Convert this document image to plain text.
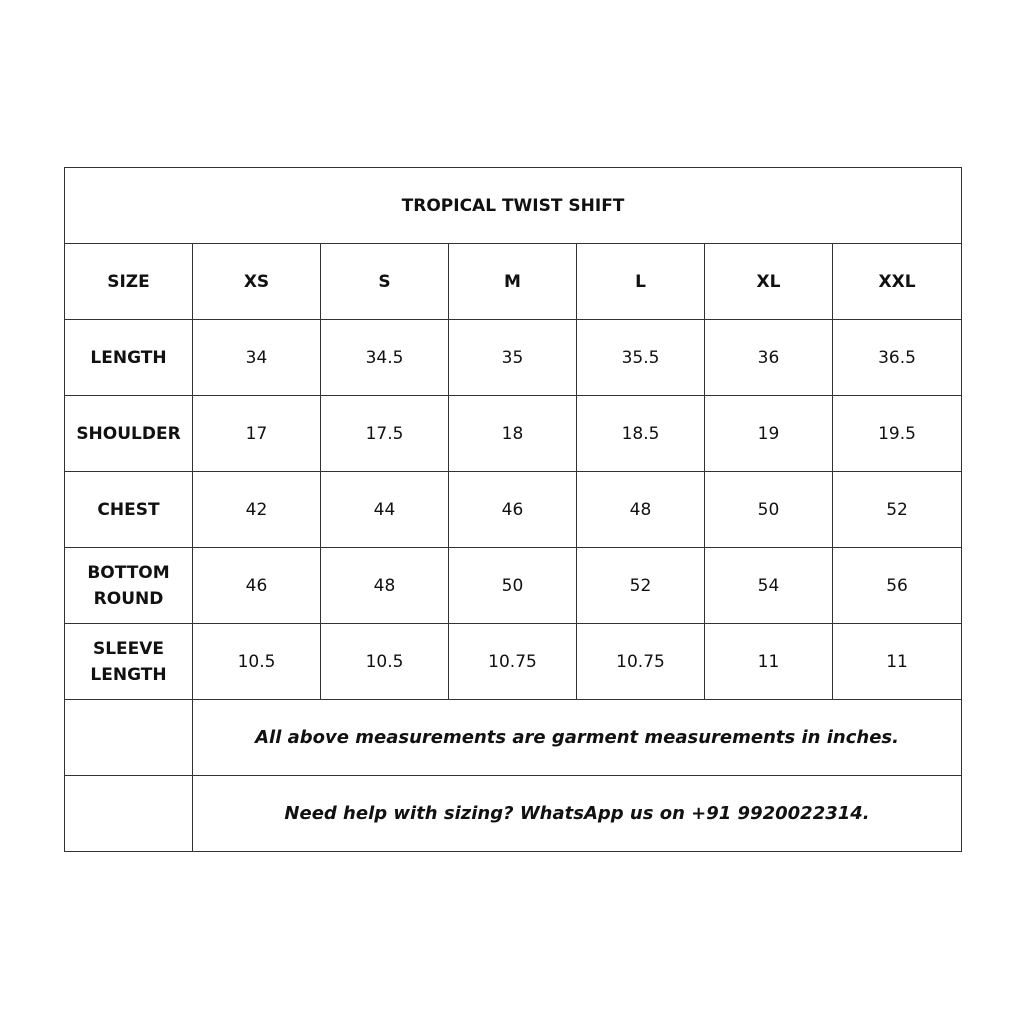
TROPICAL TWIST SHIFT						
SIZE	XS	S	M	L	XL	XXL

LENGTH	34	34.5	35	35.5	36	36.5

SHOULDER	17	17.5	18	18.5	19	19.5

CHEST	42	44	46	48	50	52

BOTTOM
ROUND	46	48	50	52	54	56

SLEEVE
LENGTH	10.5	10.5	10.75	10.75	11	11
	All above measurements are garment measurements in inches.					
	Need help with sizing? WhatsApp us on +91 9920022314.					
